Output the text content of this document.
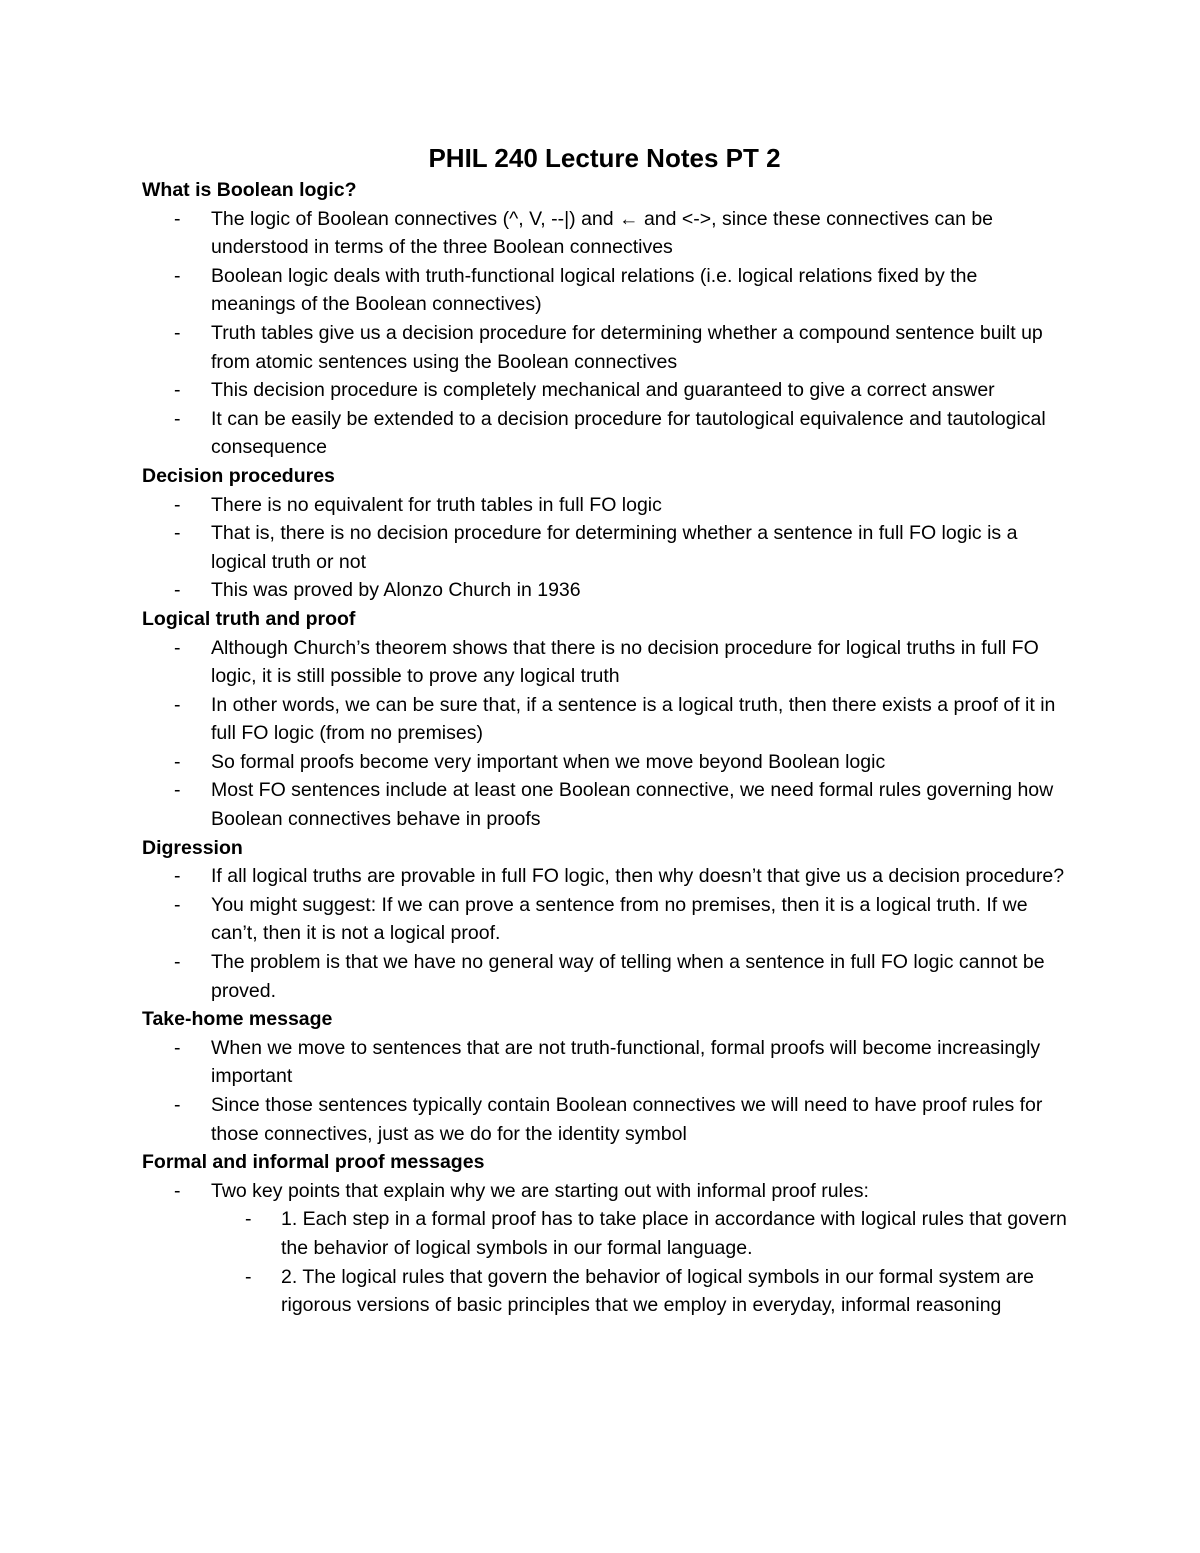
PHIL 240 Lecture Notes PT 2
What is Boolean logic?
- The logic of Boolean connectives (^, V, --|) and ← and <->, since these connectives can be understood in terms of the three Boolean connectives
- Boolean logic deals with truth-functional logical relations (i.e. logical relations fixed by the meanings of the Boolean connectives)
- Truth tables give us a decision procedure for determining whether a compound sentence built up from atomic sentences using the Boolean connectives
- This decision procedure is completely mechanical and guaranteed to give a correct answer
- It can be easily be extended to a decision procedure for tautological equivalence and tautological consequence
Decision procedures
- There is no equivalent for truth tables in full FO logic
- That is, there is no decision procedure for determining whether a sentence in full FO logic is a logical truth or not
- This was proved by Alonzo Church in 1936
Logical truth and proof
- Although Church’s theorem shows that there is no decision procedure for logical truths in full FO logic, it is still possible to prove any logical truth
- In other words, we can be sure that, if a sentence is a logical truth, then there exists a proof of it in full FO logic (from no premises)
- So formal proofs become very important when we move beyond Boolean logic
- Most FO sentences include at least one Boolean connective, we need formal rules governing how Boolean connectives behave in proofs
Digression
- If all logical truths are provable in full FO logic, then why doesn’t that give us a decision procedure?
- You might suggest: If we can prove a sentence from no premises, then it is a logical truth. If we can’t, then it is not a logical proof.
- The problem is that we have no general way of telling when a sentence in full FO logic cannot be proved.
Take-home message
- When we move to sentences that are not truth-functional, formal proofs will become increasingly important
- Since those sentences typically contain Boolean connectives we will need to have proof rules for those connectives, just as we do for the identity symbol
Formal and informal proof messages
- Two key points that explain why we are starting out with informal proof rules:
- 1. Each step in a formal proof has to take place in accordance with logical rules that govern the behavior of logical symbols in our formal language.
- 2. The logical rules that govern the behavior of logical symbols in our formal system are rigorous versions of basic principles that we employ in everyday, informal reasoning
